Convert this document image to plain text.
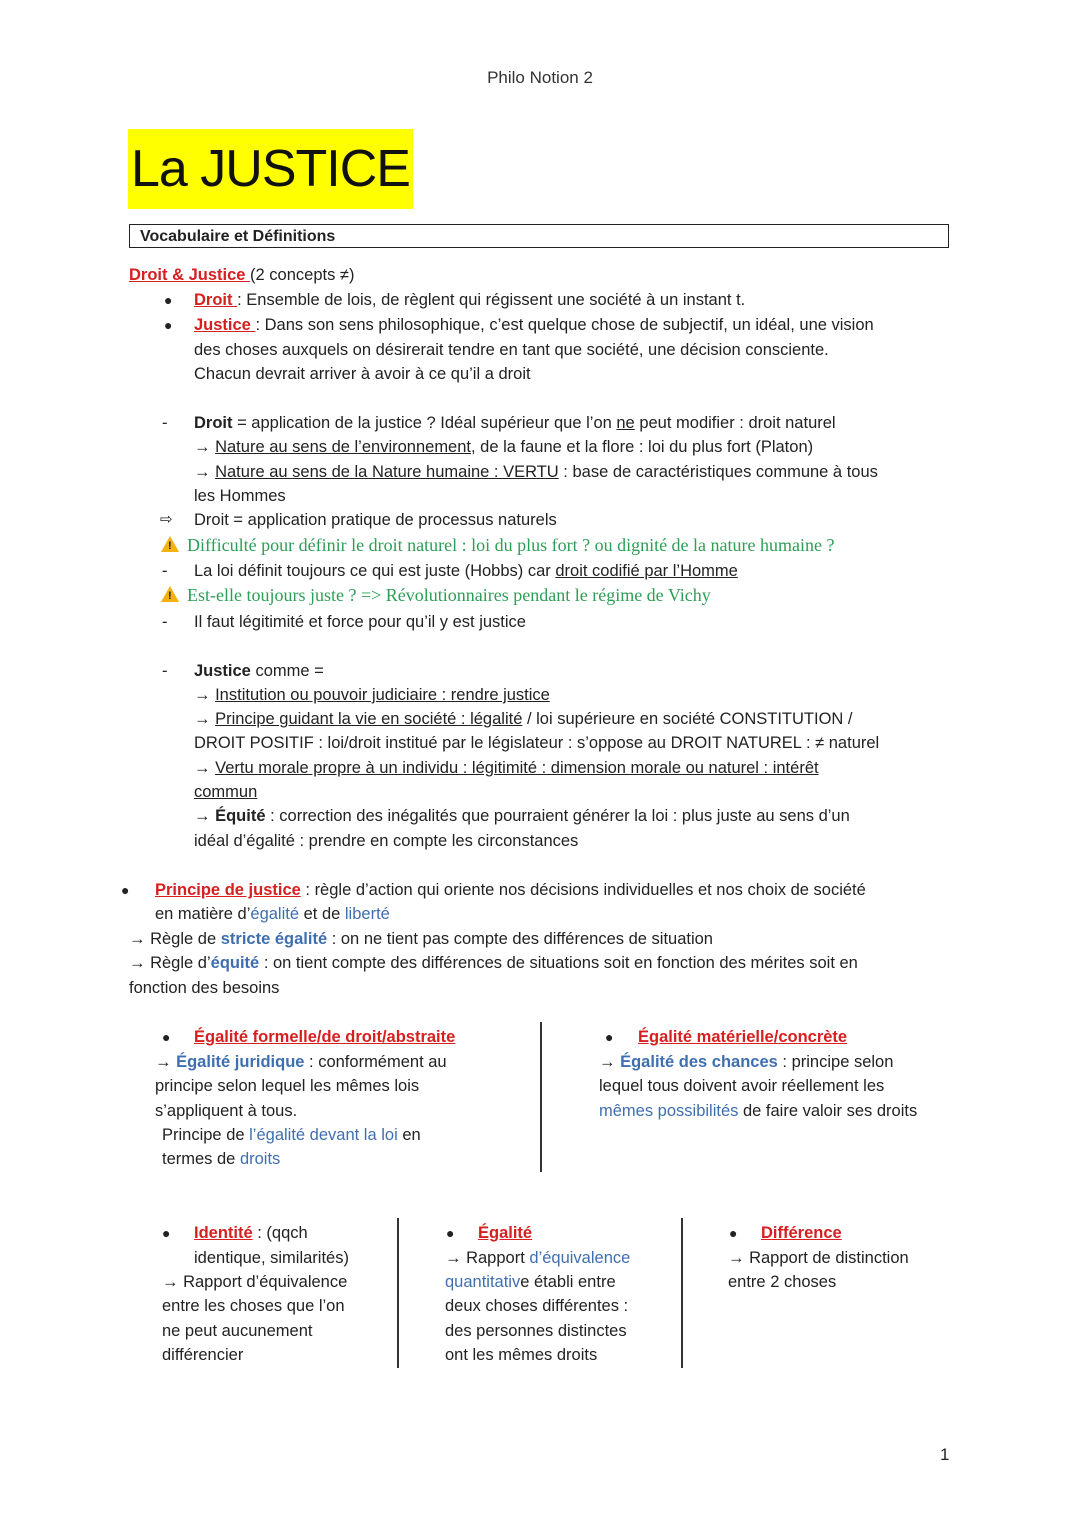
Philo Notion 2
La JUSTICE
Vocabulaire et Définitions
Droit & Justice (2 concepts ≠)
● Droit : Ensemble de lois, de règlent qui régissent une société à un instant t.
● Justice : Dans son sens philosophique, c’est quelque chose de subjectif, un idéal, une vision
des choses auxquels on désirerait tendre en tant que société, une décision consciente.
Chacun devrait arriver à avoir à ce qu’il a droit
- Droit = application de la justice ? Idéal supérieur que l’on ne peut modifier : droit naturel
→ Nature au sens de l’environnement, de la faune et la flore : loi du plus fort (Platon)
→ Nature au sens de la Nature humaine : VERTU : base de caractéristiques commune à tous
les Hommes
⇨ Droit = application pratique de processus naturels
! Difficulté pour définir le droit naturel : loi du plus fort ? ou dignité de la nature humaine ?
- La loi définit toujours ce qui est juste (Hobbs) car droit codifié par l’Homme
! Est-elle toujours juste ? => Révolutionnaires pendant le régime de Vichy
- Il faut légitimité et force pour qu’il y est justice
- Justice comme =
→ Institution ou pouvoir judiciaire : rendre justice
→ Principe guidant la vie en société : légalité / loi supérieure en société CONSTITUTION /
DROIT POSITIF : loi/droit institué par le législateur : s’oppose au DROIT NATUREL : ≠ naturel
→ Vertu morale propre à un individu : légitimité : dimension morale ou naturel : intérêt
commun
→ Équité : correction des inégalités que pourraient générer la loi : plus juste au sens d’un
idéal d’égalité : prendre en compte les circonstances
● Principe de justice : règle d’action qui oriente nos décisions individuelles et nos choix de société
en matière d’égalité et de liberté
→ Règle de stricte égalité : on ne tient pas compte des différences de situation
→ Règle d’équité : on tient compte des différences de situations soit en fonction des mérites soit en
fonction des besoins
● Égalité formelle/de droit/abstraite
→ Égalité juridique : conformément au
principe selon lequel les mêmes lois
s’appliquent à tous.
Principe de l’égalité devant la loi en
termes de droits
● Égalité matérielle/concrète
→ Égalité des chances : principe selon
lequel tous doivent avoir réellement les
mêmes possibilités de faire valoir ses droits
● Identité : (qqch
identique, similarités)
→ Rapport d’équivalence
entre les choses que l’on
ne peut aucunement
différencier
● Égalité
→ Rapport d’équivalence
quantitative établi entre
deux choses différentes :
des personnes distinctes
ont les mêmes droits
● Différence
→ Rapport de distinction
entre 2 choses
1
